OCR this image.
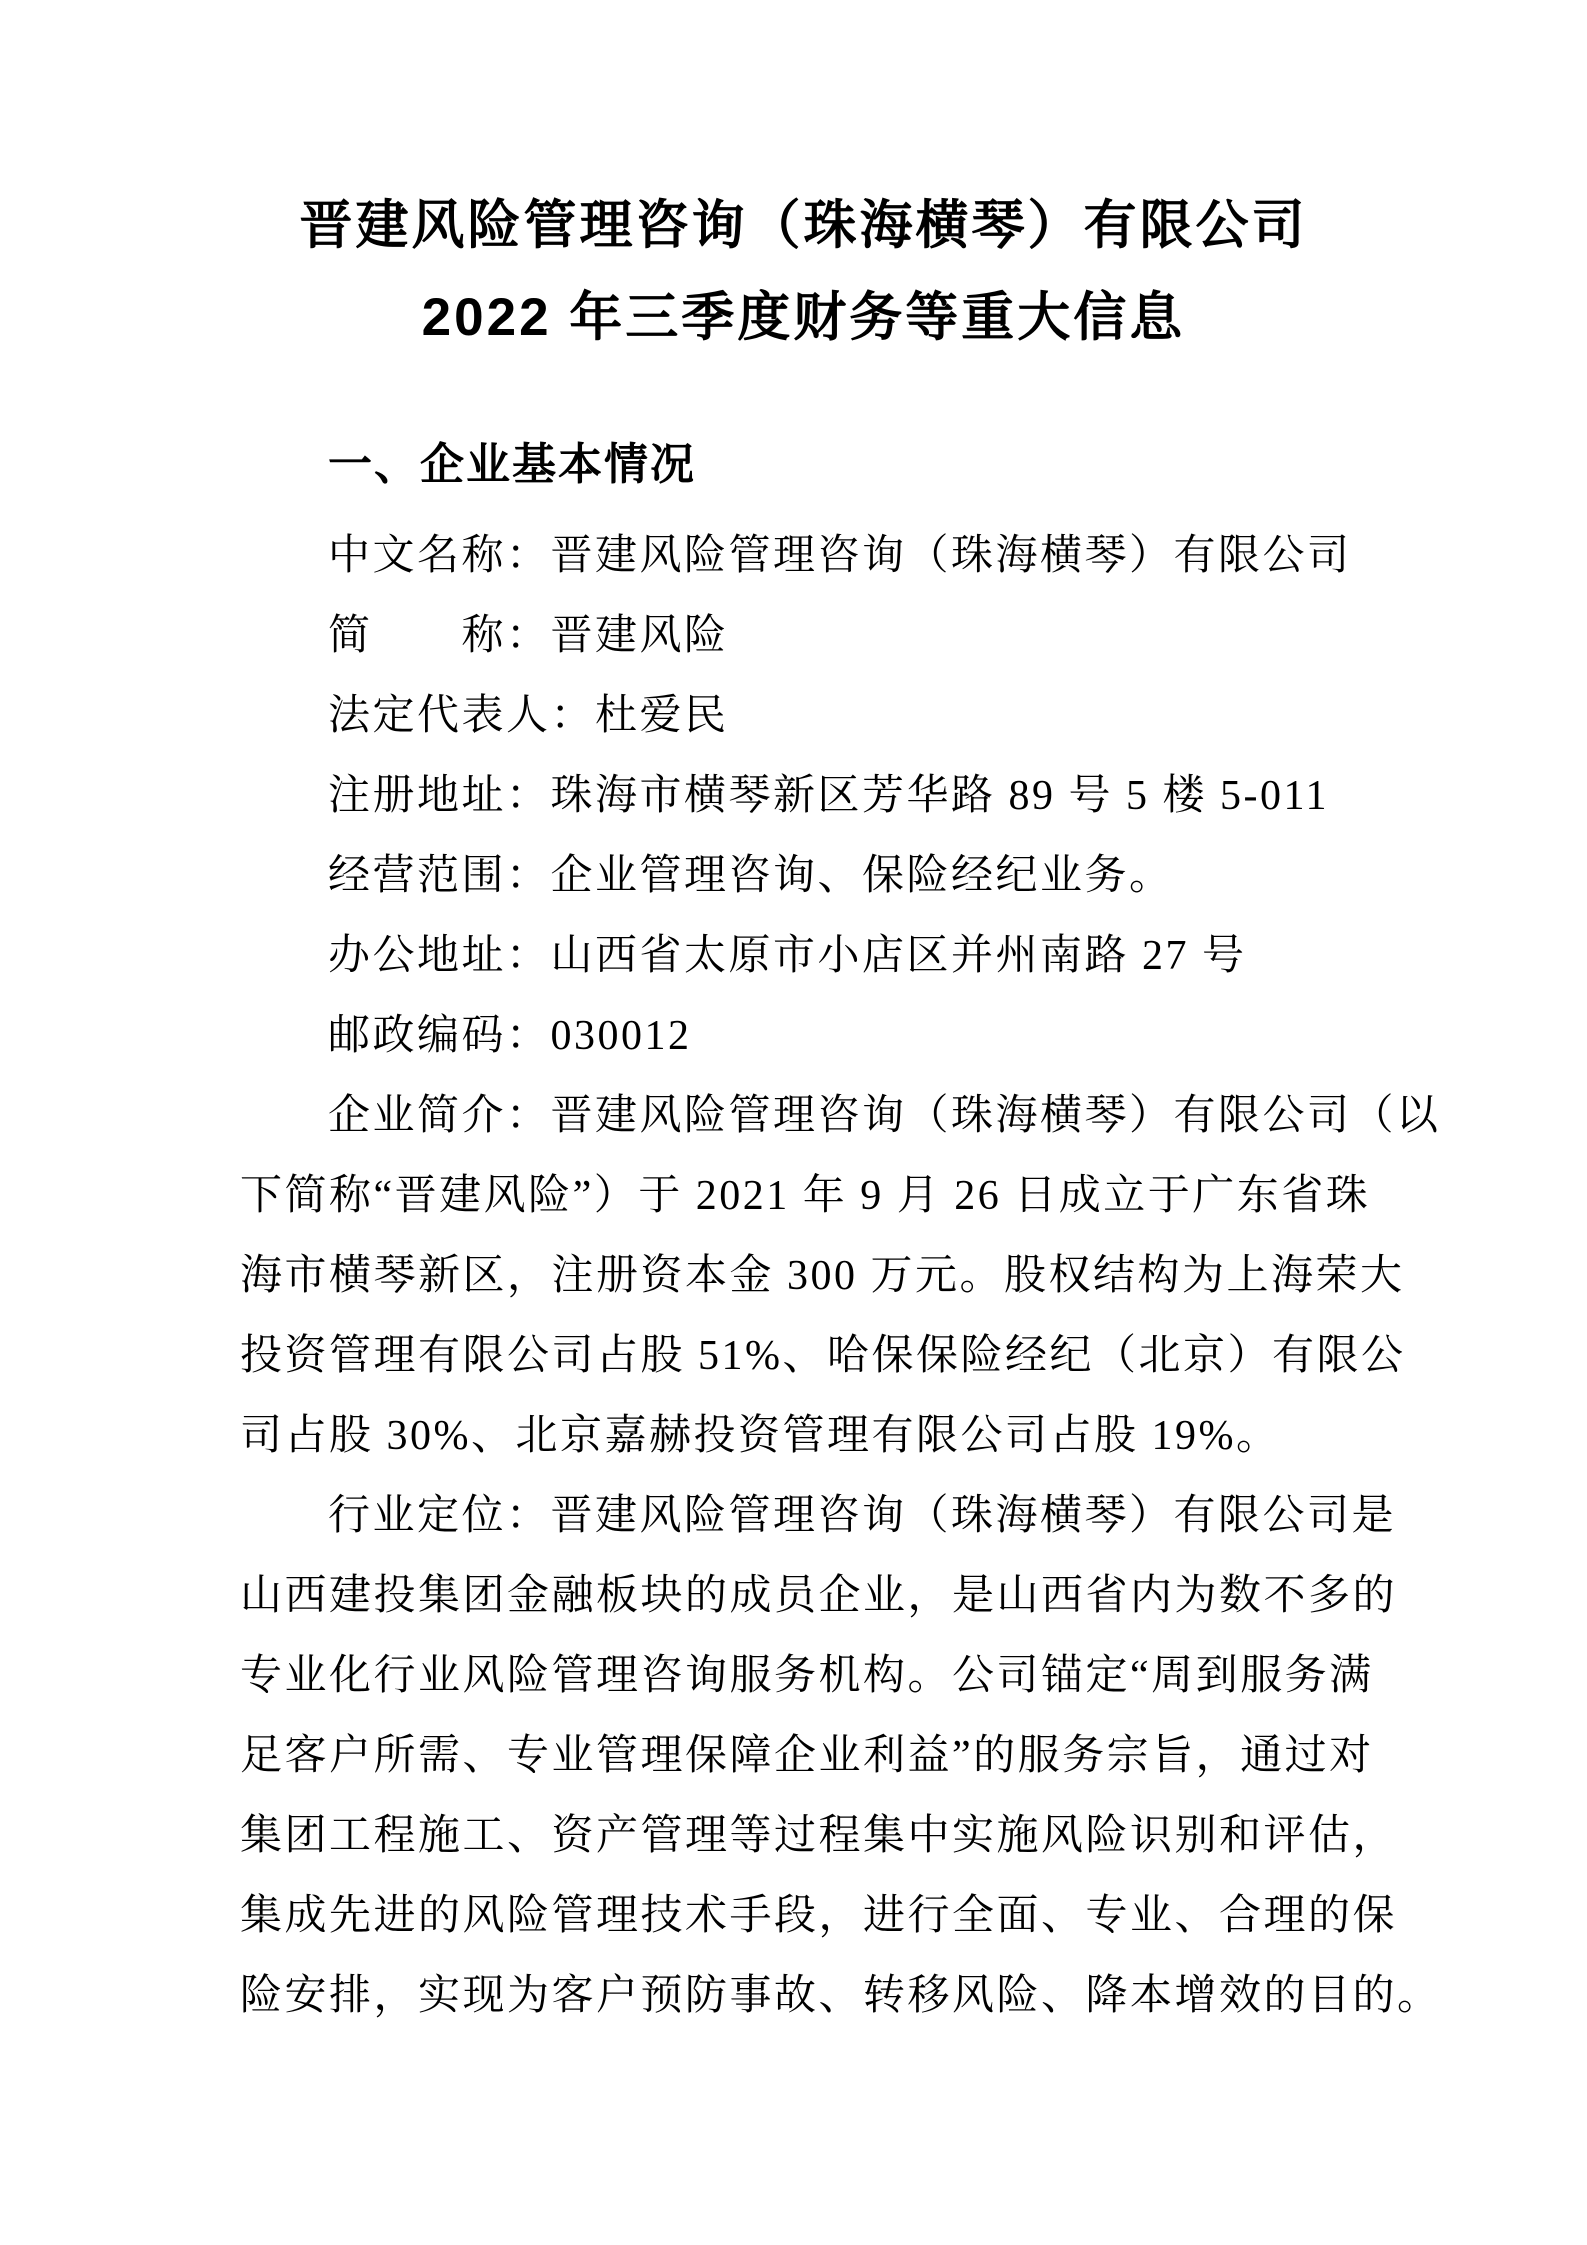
晋建风险管理咨询（珠海横琴）有限公司
2022 年三季度财务等重大信息
一、企业基本情况
中文名称：晋建风险管理咨询（珠海横琴）有限公司
简　　称：晋建风险
法定代表人：杜爱民
注册地址：珠海市横琴新区芳华路 89 号 5 楼 5-011
经营范围：企业管理咨询、保险经纪业务。
办公地址：山西省太原市小店区并州南路 27 号
邮政编码：030012
企业简介：晋建风险管理咨询（珠海横琴）有限公司（以
下简称“晋建风险”）于 2021 年 9 月 26 日成立于广东省珠
海市横琴新区，注册资本金 300 万元。股权结构为上海荣大
投资管理有限公司占股 51%、哈保保险经纪（北京）有限公
司占股 30%、北京嘉赫投资管理有限公司占股 19%。
行业定位：晋建风险管理咨询（珠海横琴）有限公司是
山西建投集团金融板块的成员企业，是山西省内为数不多的
专业化行业风险管理咨询服务机构。公司锚定“周到服务满
足客户所需、专业管理保障企业利益”的服务宗旨，通过对
集团工程施工、资产管理等过程集中实施风险识别和评估，
集成先进的风险管理技术手段，进行全面、专业、合理的保
险安排，实现为客户预防事故、转移风险、降本增效的目的。
